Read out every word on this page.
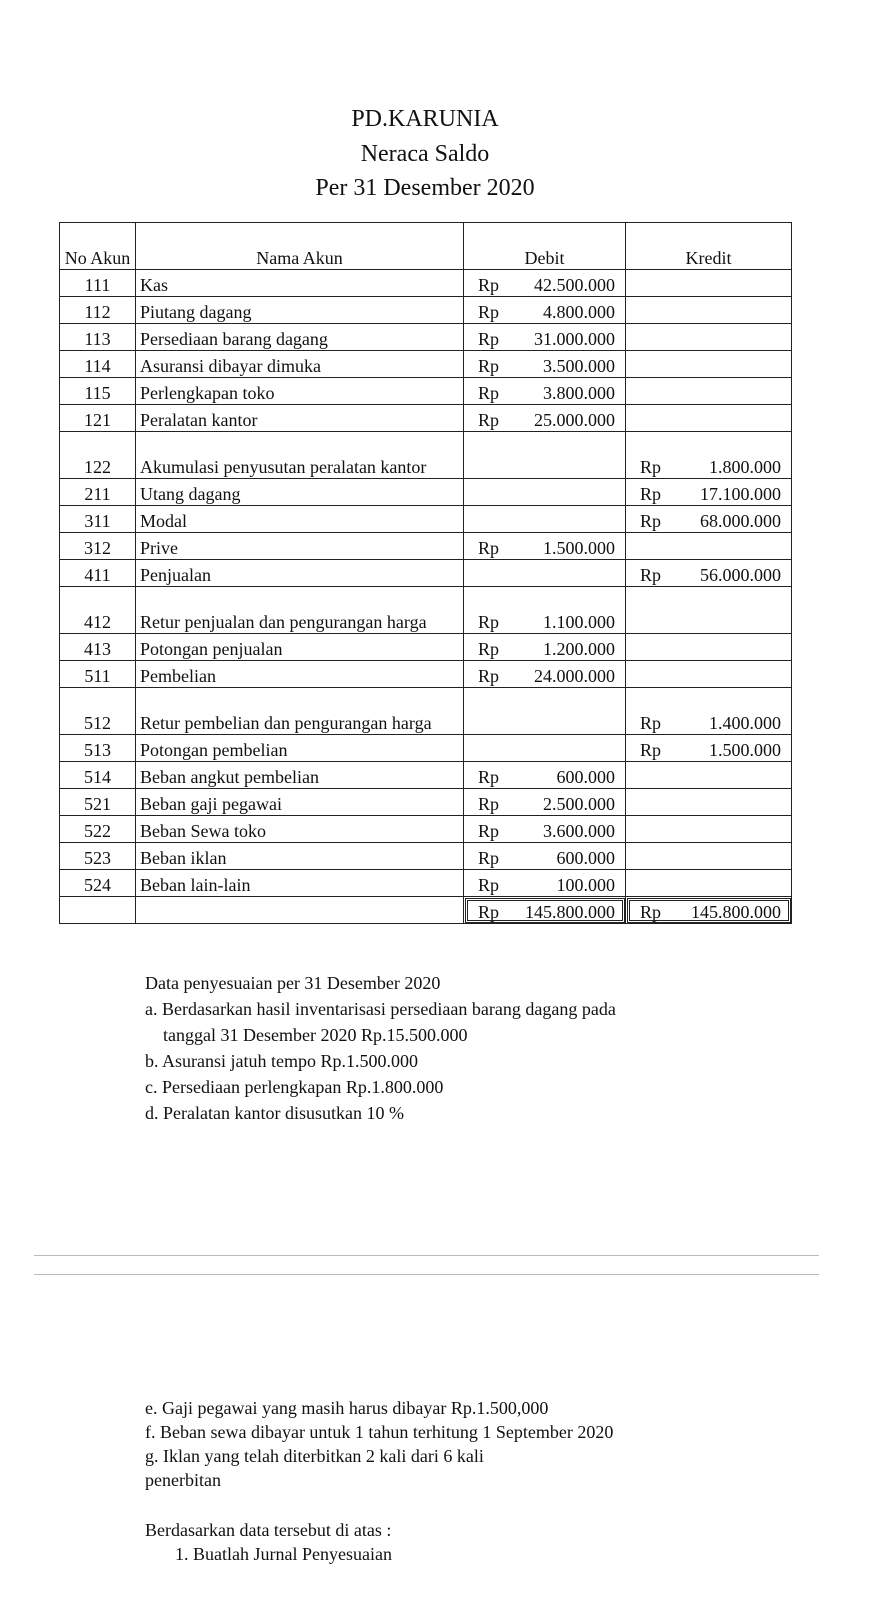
PD.KARUNIA
Neraca Saldo
Per 31 Desember 2020
No Akun	Nama Akun	Debit	Kredit
111	Kas	Rp 42.500.000	

112	Piutang dagang	Rp 4.800.000	

113	Persediaan barang dagang	Rp 31.000.000	

114	Asuransi dibayar dimuka	Rp 3.500.000	

115	Perlengkapan toko	Rp 3.800.000	

121	Peralatan kantor	Rp 25.000.000	

122	Akumulasi penyusutan peralatan kantor		Rp 1.800.000

211	Utang dagang		Rp 17.100.000

311	Modal		Rp 68.000.000

312	Prive	Rp 1.500.000	

411	Penjualan		Rp 56.000.000

412	Retur penjualan dan pengurangan harga	Rp 1.100.000	

413	Potongan penjualan	Rp 1.200.000	

511	Pembelian	Rp 24.000.000	

512	Retur pembelian dan pengurangan harga		Rp 1.400.000

513	Potongan pembelian		Rp 1.500.000

514	Beban angkut pembelian	Rp 600.000	

521	Beban gaji pegawai	Rp 2.500.000	

522	Beban Sewa toko	Rp 3.600.000	

523	Beban iklan	Rp 600.000	

524	Beban lain-lain	Rp 100.000	

		Rp 145.800.000	Rp 145.800.000
Data penyesuaian per 31 Desember 2020
a. Berdasarkan hasil inventarisasi persediaan barang dagang pada
tanggal 31 Desember 2020 Rp.15.500.000
b. Asuransi jatuh tempo Rp.1.500.000
c. Persediaan perlengkapan Rp.1.800.000
d. Peralatan kantor disusutkan 10 %
e. Gaji pegawai yang masih harus dibayar Rp.1.500,000
f. Beban sewa dibayar untuk 1 tahun terhitung 1 September 2020
g. Iklan yang telah diterbitkan 2 kali dari 6 kali
penerbitan
Berdasarkan data tersebut di atas :
1. Buatlah Jurnal Penyesuaian
